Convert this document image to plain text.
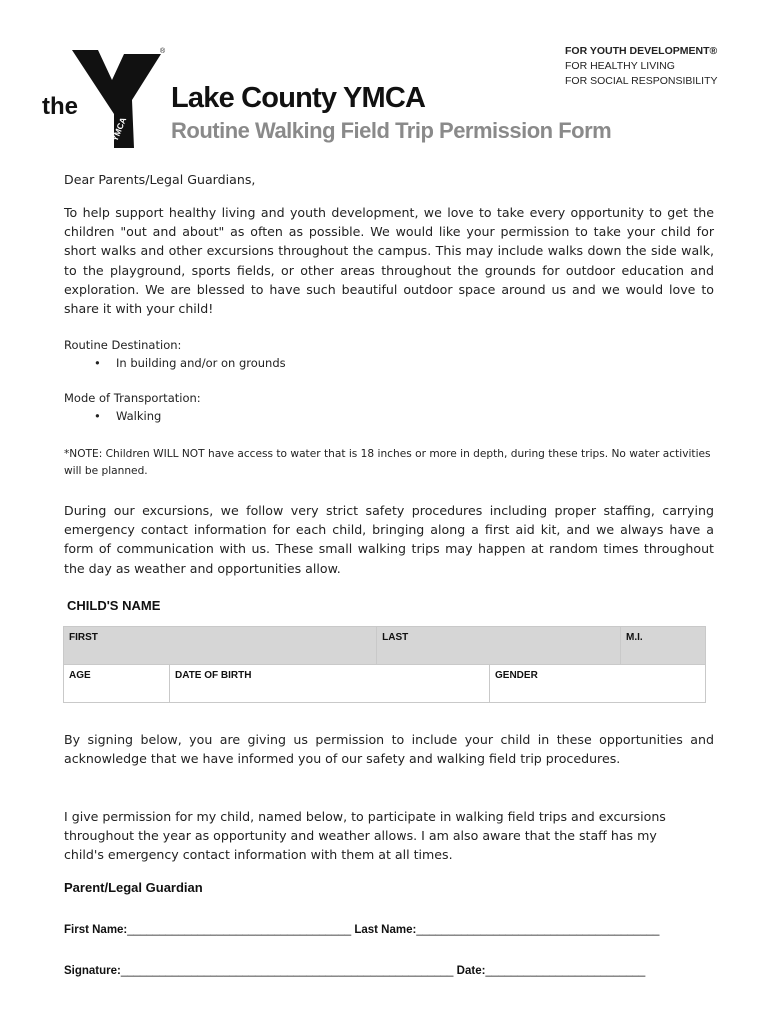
the
YMCA
®	FOR YOUTH DEVELOPMENT®
FOR HEALTHY LIVING
FOR SOCIAL RESPONSIBILITY
Lake County YMCA
Routine Walking Field Trip Permission Form
Dear Parents/Legal Guardians,
To help support healthy living and youth development, we love to take every opportunity to get the children "out and about" as often as possible. We would like your permission to take your child for short walks and other excursions throughout the campus. This may include walks down the side walk, to the playground, sports fields, or other areas throughout the grounds for outdoor education and exploration. We are blessed to have such beautiful outdoor space around us and we would love to share it with your child!
Routine Destination:
• In building and/or on grounds
Mode of Transportation:
• Walking
*NOTE: Children WILL NOT have access to water that is 18 inches or more in depth, during these trips. No water activities will be planned.
During our excursions, we follow very strict safety procedures including proper staffing, carrying emergency contact information for each child, bringing along a first aid kit, and we always have a form of communication with us. These small walking trips may happen at random times throughout the day as weather and opportunities allow.
CHILD'S NAME
FIRST		LAST		M.I.
AGE	DATE OF BIRTH		GENDER	
By signing below, you are giving us permission to include your child in these opportunities and acknowledge that we have informed you of our safety and walking field trip procedures.
I give permission for my child, named below, to participate in walking field trips and excursions throughout the year as opportunity and weather allows. I am also aware that the staff has my child's emergency contact information with them at all times.
Parent/Legal Guardian
First Name:___________________________________ Last Name:______________________________________
Signature:____________________________________________________ Date:_________________________
